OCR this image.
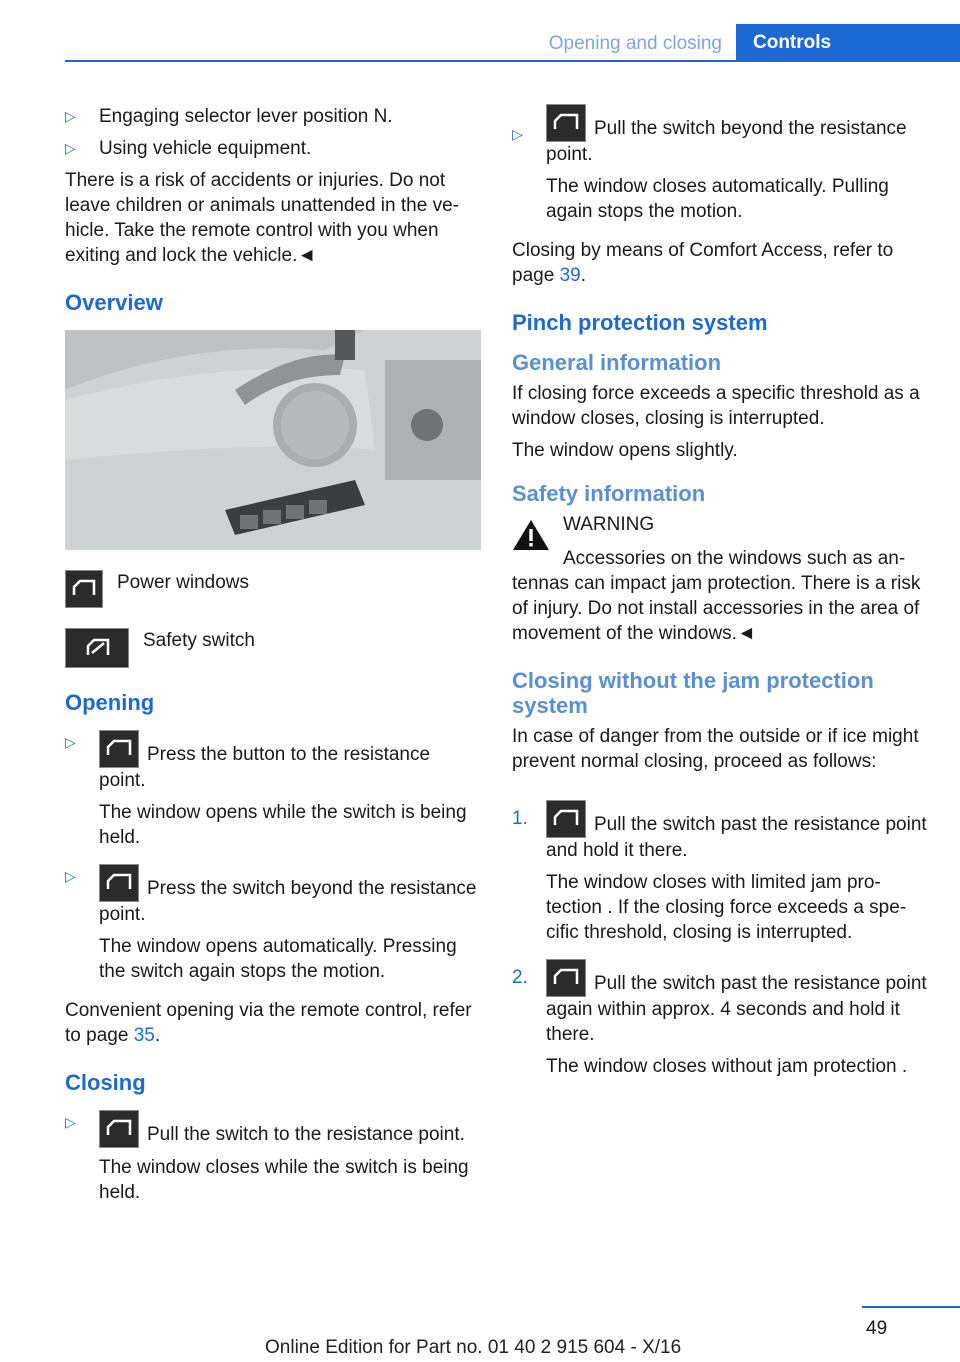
Opening and closing	Controls
▷	Engaging selector lever position N.
▷	Using vehicle equipment.

There is a risk of accidents or injuries. Do not leave children or animals unattended in the vehicle. Take the remote control with you when exiting and lock the vehicle.◄

Overview
Power windows
Safety switch
Opening
▷

Press the button to the resistance point.

The window opens while the switch is being held.

▷

Press the switch beyond the resistance point.

The window opens automatically. Pressing the switch again stops the motion.

Convenient opening via the remote control, refer to page 35.

Closing
▷

Pull the switch to the resistance point.

The window closes while the switch is being held.

▷	Pull the switch beyond the resistance point.

The window closes automatically. Pulling again stops the motion.

Closing by means of Comfort Access, refer to page 39.

Pinch protection system
General information

If closing force exceeds a specific threshold as a window closes, closing is interrupted.

The window opens slightly.

Safety information
WARNING

Accessories on the windows such as antennas can impact jam protection. There is a risk of injury. Do not install accessories in the area of movement of the windows.◄

Closing without the jam protection system

In case of danger from the outside or if ice might prevent normal closing, proceed as follows:

1.	Pull the switch past the resistance point and hold it there.

The window closes with limited jam protection . If the closing force exceeds a specific threshold, closing is interrupted.

2.	Pull the switch past the resistance point again within approx. 4 seconds and hold it there.

The window closes without jam protection .

49
Online Edition for Part no. 01 40 2 915 604 - X/16
